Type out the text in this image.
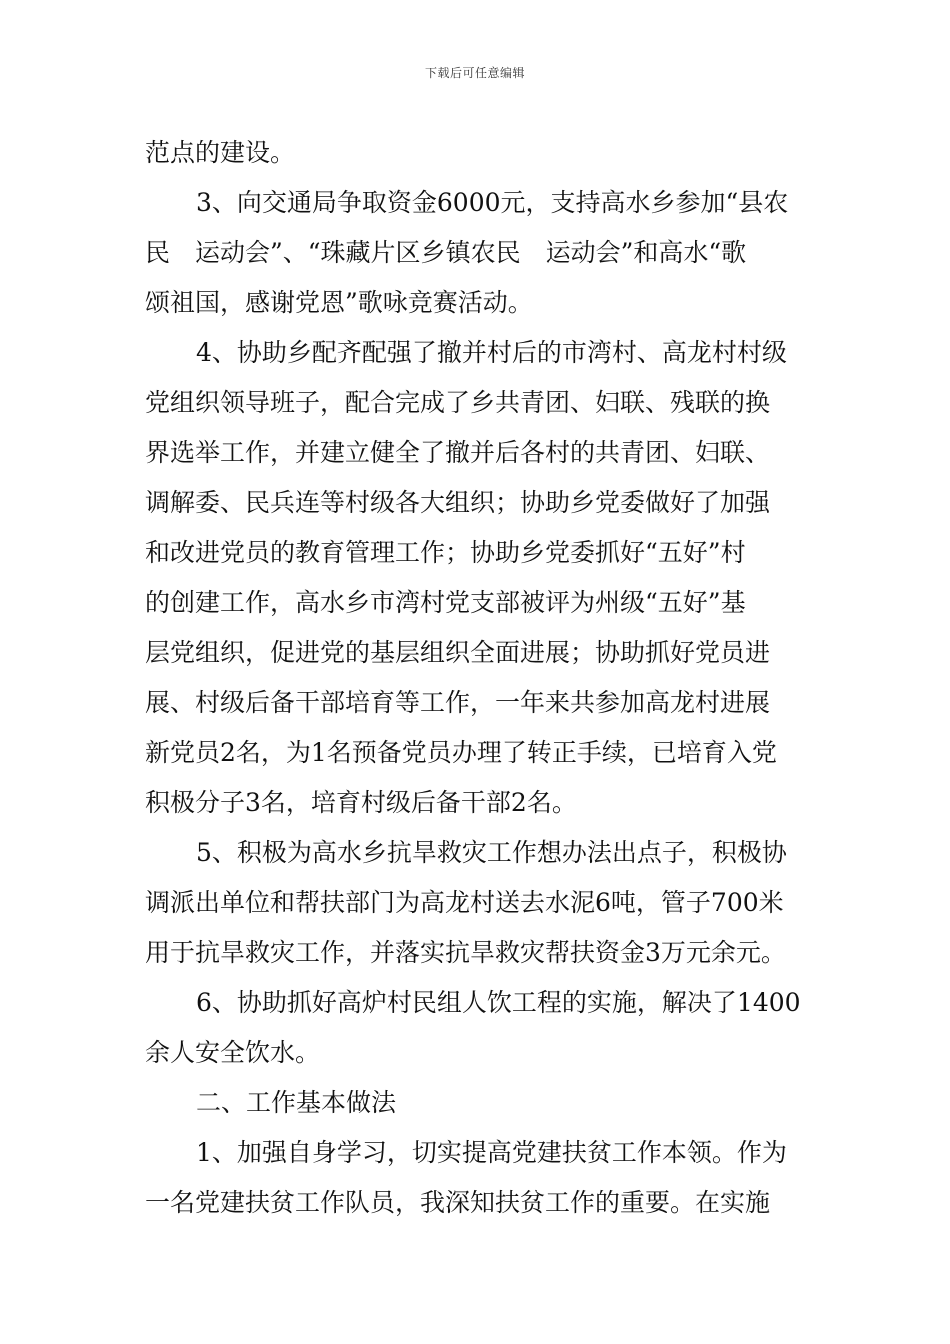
下载后可任意编辑
范点的建设。
3、向交通局争取资金6000元，支持高水乡参加“县农
民　运动会”、“珠藏片区乡镇农民　运动会”和高水“歌
颂祖国，感谢党恩”歌咏竞赛活动。
4、协助乡配齐配强了撤并村后的市湾村、高龙村村级
党组织领导班子，配合完成了乡共青团、妇联、残联的换
界选举工作，并建立健全了撤并后各村的共青团、妇联、
调解委、民兵连等村级各大组织；协助乡党委做好了加强
和改进党员的教育管理工作；协助乡党委抓好“五好”村
的创建工作，高水乡市湾村党支部被评为州级“五好”基
层党组织，促进党的基层组织全面进展；协助抓好党员进
展、村级后备干部培育等工作，一年来共参加高龙村进展
新党员2名，为1名预备党员办理了转正手续，已培育入党
积极分子3名，培育村级后备干部2名。
5、积极为高水乡抗旱救灾工作想办法出点子，积极协
调派出单位和帮扶部门为高龙村送去水泥6吨，管子700米
用于抗旱救灾工作，并落实抗旱救灾帮扶资金3万元余元。
6、协助抓好高炉村民组人饮工程的实施，解决了1400
余人安全饮水。
二、工作基本做法
1、加强自身学习，切实提高党建扶贫工作本领。作为
一名党建扶贫工作队员，我深知扶贫工作的重要。在实施
